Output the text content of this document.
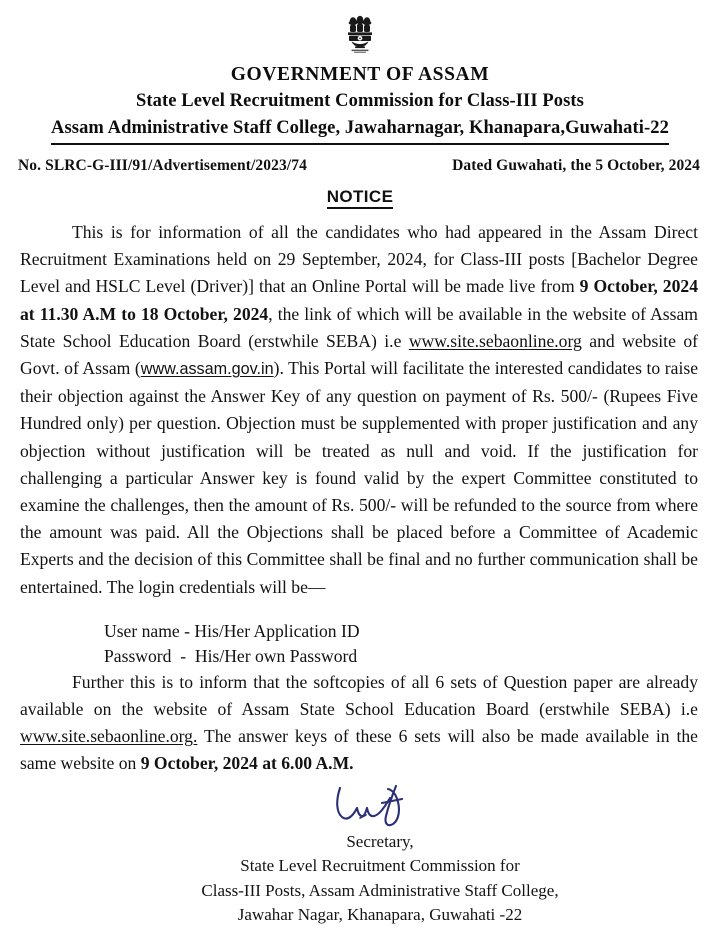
GOVERNMENT OF ASSAM
State Level Recruitment Commission for Class-III Posts
Assam Administrative Staff College, Jawaharnagar, Khanapara,Guwahati-22
No. SLRC-G-III/91/Advertisement/2023/74	Dated Guwahati, the 5 October, 2024
NOTICE

This is for information of all the candidates who had appeared in the Assam Direct Recruitment Examinations held on 29 September, 2024, for Class-III posts [Bachelor Degree Level and HSLC Level (Driver)] that an Online Portal will be made live from 9 October, 2024 at 11.30 A.M to 18 October, 2024, the link of which will be available in the website of Assam State School Education Board (erstwhile SEBA) i.e www.site.sebaonline.org and website of Govt. of Assam (www.assam.gov.in). This Portal will facilitate the interested candidates to raise their objection against the Answer Key of any question on payment of Rs. 500/- (Rupees Five Hundred only) per question. Objection must be supplemented with proper justification and any objection without justification will be treated as null and void. If the justification for challenging a particular Answer key is found valid by the expert Committee constituted to examine the challenges, then the amount of Rs. 500/- will be refunded to the source from where the amount was paid. All the Objections shall be placed before a Committee of Academic Experts and the decision of this Committee shall be final and no further communication shall be entertained. The login credentials will be—

User name - His/Her Application ID
Password  -  His/Her own Password

Further this is to inform that the softcopies of all 6 sets of Question paper are already available on the website of Assam State School Education Board (erstwhile SEBA) i.e www.site.sebaonline.org. The answer keys of these 6 sets will also be made available in the same website on 9 October, 2024 at 6.00 A.M.

Secretary,
State Level Recruitment Commission for
Class-III Posts, Assam Administrative Staff College,
Jawahar Nagar, Khanapara, Guwahati -22
